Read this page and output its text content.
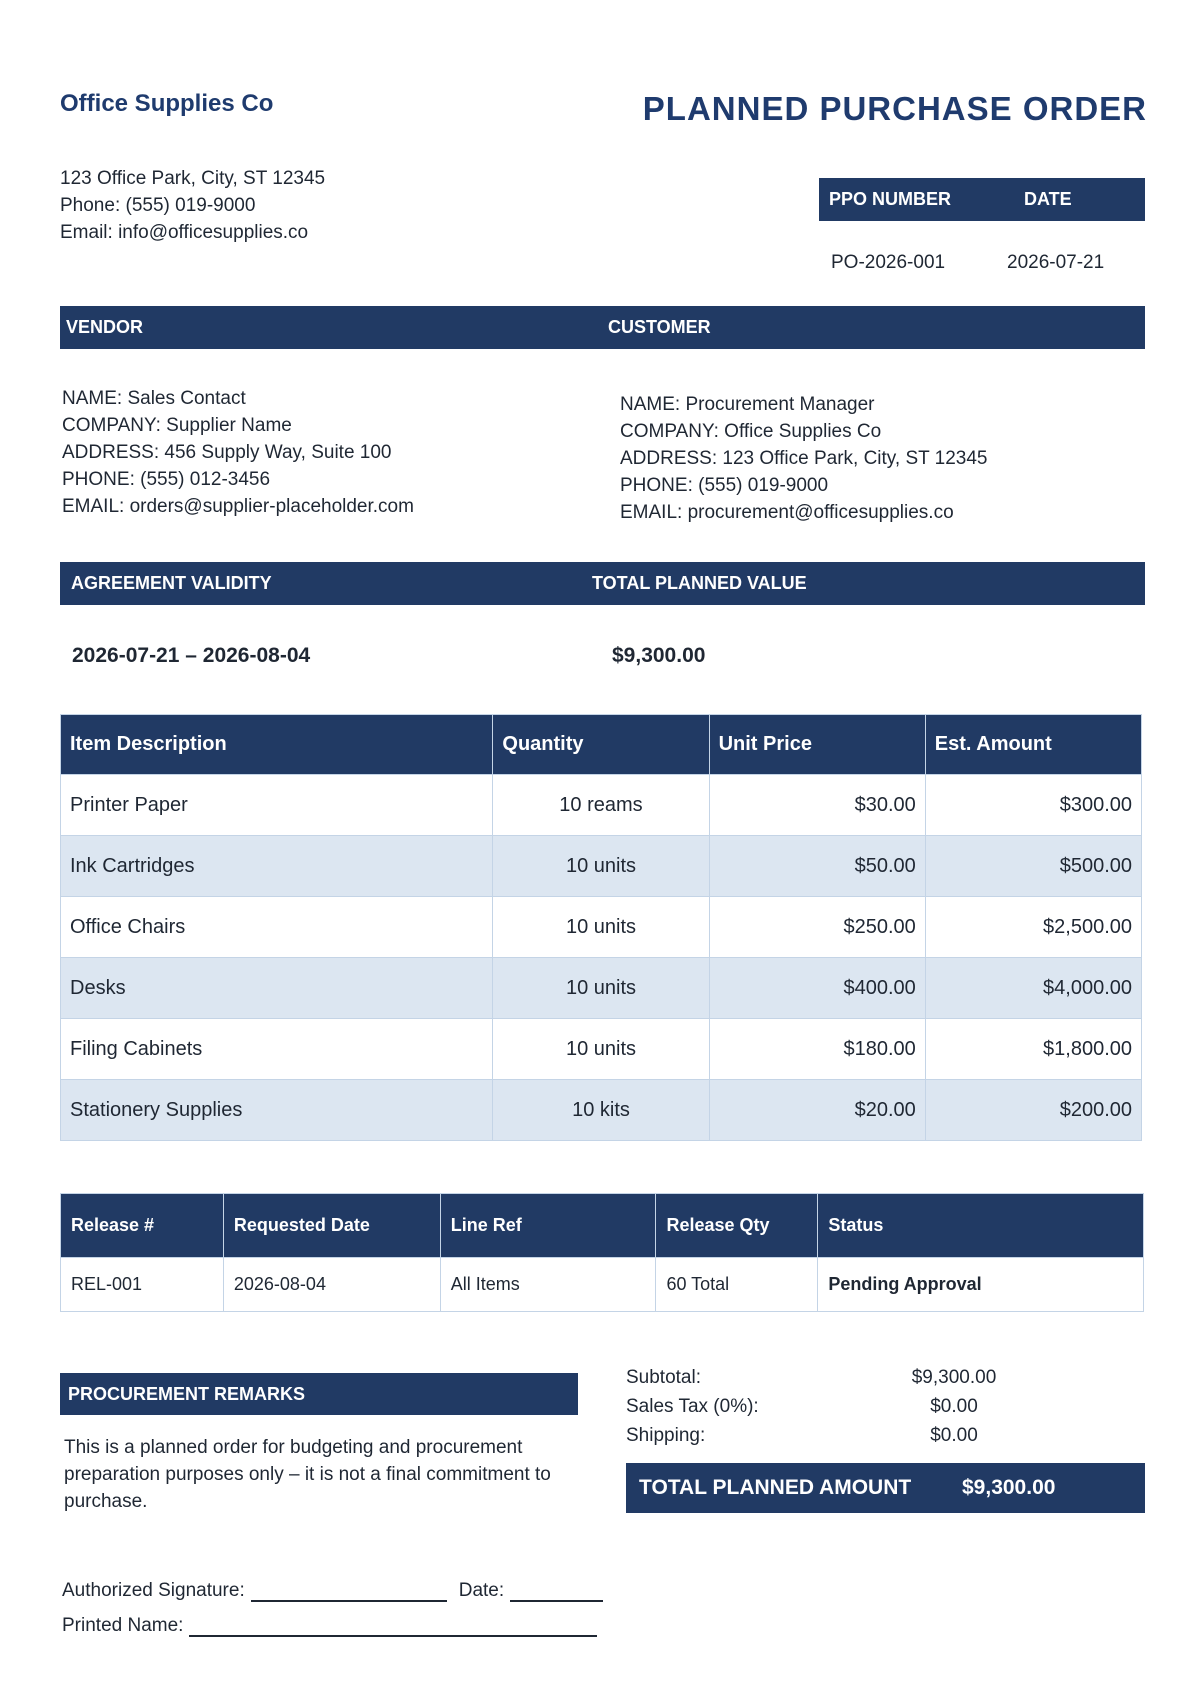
Office Supplies Co	PLANNED PURCHASE ORDER
123 Office Park, City, ST 12345
Phone: (555) 019-9000
Email: info@officesupplies.co
PPO NUMBER	DATE
PO-2026-001	2026-07-21
VENDOR	CUSTOMER
NAME: Sales Contact
COMPANY: Supplier Name
ADDRESS: 456 Supply Way, Suite 100
PHONE: (555) 012-3456
EMAIL: orders@supplier-placeholder.com
NAME: Procurement Manager
COMPANY: Office Supplies Co
ADDRESS: 123 Office Park, City, ST 12345
PHONE: (555) 019-9000
EMAIL: procurement@officesupplies.co
AGREEMENT VALIDITY	TOTAL PLANNED VALUE
2026-07-21 – 2026-08-04	$9,300.00
Item Description	Quantity	Unit Price	Est. Amount
Printer Paper	10 reams	$30.00	$300.00
Ink Cartridges	10 units	$50.00	$500.00
Office Chairs	10 units	$250.00	$2,500.00
Desks	10 units	$400.00	$4,000.00
Filing Cabinets	10 units	$180.00	$1,800.00
Stationery Supplies	10 kits	$20.00	$200.00
Release #	Requested Date	Line Ref	Release Qty	Status
REL-001	2026-08-04	All Items	60 Total	Pending Approval
PROCUREMENT REMARKS
This is a planned order for budgeting and procurement preparation purposes only – it is not a final commitment to purchase.
Subtotal:	$9,300.00
Sales Tax (0%):	$0.00
Shipping:	$0.00
TOTAL PLANNED AMOUNT	$9,300.00
Authorized Signature:	Date:
Printed Name:
